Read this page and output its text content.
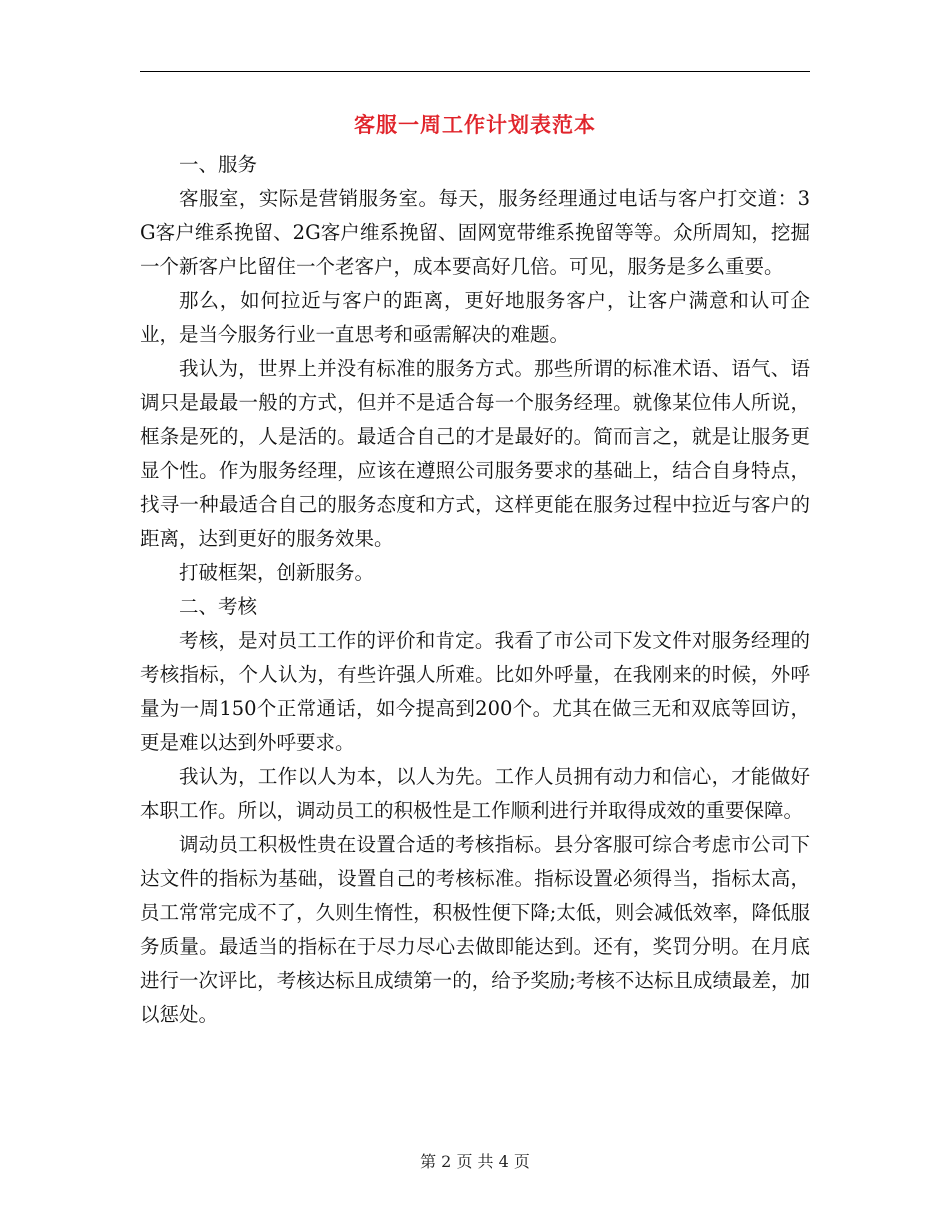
客服一周工作计划表范本

一、服务

客服室，实际是营销服务室。每天，服务经理通过电话与客户打交道：3G客户维系挽留、2G客户维系挽留、固网宽带维系挽留等等。众所周知，挖掘一个新客户比留住一个老客户，成本要高好几倍。可见，服务是多么重要。

那么，如何拉近与客户的距离，更好地服务客户，让客户满意和认可企业，是当今服务行业一直思考和亟需解决的难题。

我认为，世界上并没有标准的服务方式。那些所谓的标准术语、语气、语调只是最最一般的方式，但并不是适合每一个服务经理。就像某位伟人所说，框条是死的，人是活的。最适合自己的才是最好的。简而言之，就是让服务更显个性。作为服务经理，应该在遵照公司服务要求的基础上，结合自身特点，找寻一种最适合自己的服务态度和方式，这样更能在服务过程中拉近与客户的距离，达到更好的服务效果。

打破框架，创新服务。

二、考核

考核，是对员工工作的评价和肯定。我看了市公司下发文件对服务经理的考核指标，个人认为，有些许强人所难。比如外呼量，在我刚来的时候，外呼量为一周150个正常通话，如今提高到200个。尤其在做三无和双底等回访，更是难以达到外呼要求。

我认为，工作以人为本，以人为先。工作人员拥有动力和信心，才能做好本职工作。所以，调动员工的积极性是工作顺利进行并取得成效的重要保障。

调动员工积极性贵在设置合适的考核指标。县分客服可综合考虑市公司下达文件的指标为基础，设置自己的考核标准。指标设置必须得当，指标太高，员工常常完成不了，久则生惰性，积极性便下降;太低，则会减低效率，降低服务质量。最适当的指标在于尽力尽心去做即能达到。还有，奖罚分明。在月底进行一次评比，考核达标且成绩第一的，给予奖励;考核不达标且成绩最差，加以惩处。

第 2 页 共 4 页
